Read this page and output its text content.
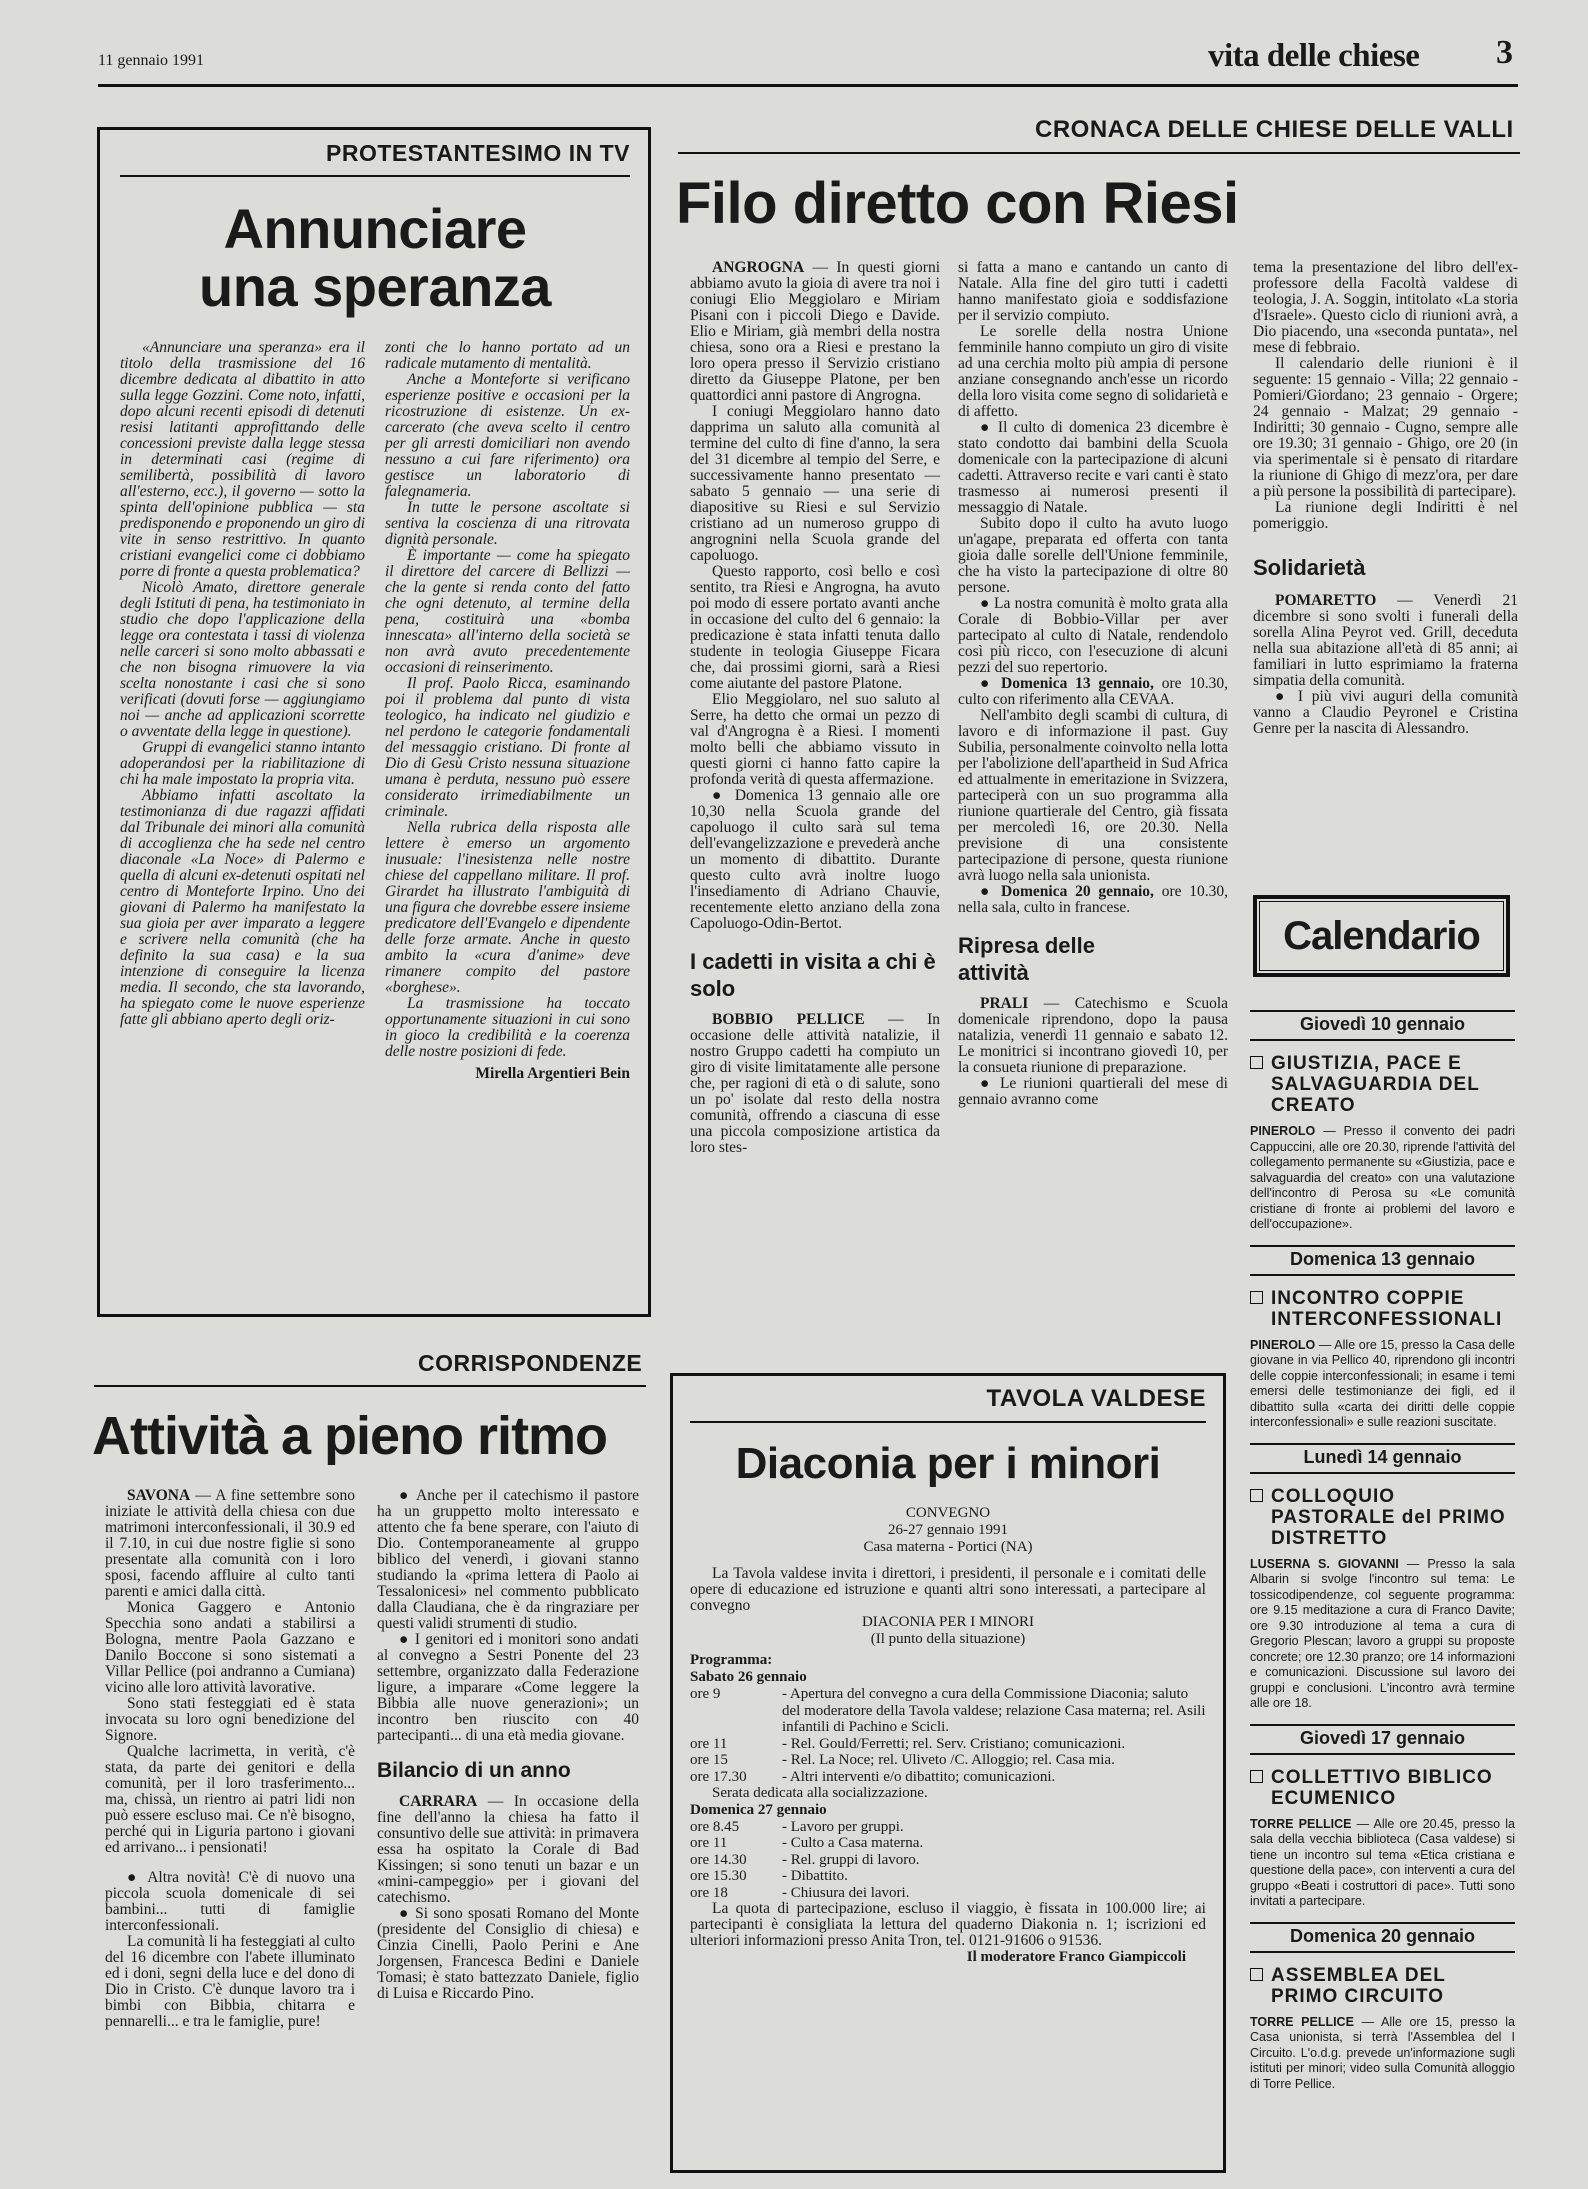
11 gennaio 1991	vita delle chiese 3
PROTESTANTESIMO IN TV
Annunciare
una speranza

«Annunciare una speranza» era il titolo della trasmissione del 16 dicembre dedicata al dibattito in atto sulla legge Gozzini. Come noto, infatti, dopo alcuni recenti episodi di detenuti resisi latitanti approfittando delle concessioni previste dalla legge stessa in determinati casi (regime di semilibertà, possibilità di lavoro all'esterno, ecc.), il governo — sotto la spinta dell'opinione pubblica — sta predisponendo e proponendo un giro di vite in senso restrittivo. In quanto cristiani evangelici come ci dobbiamo porre di fronte a questa problematica?

Nicolò Amato, direttore generale degli Istituti di pena, ha testimoniato in studio che dopo l'applicazione della legge ora contestata i tassi di violenza nelle carceri si sono molto abbassati e che non bisogna rimuovere la via scelta nonostante i casi che si sono verificati (dovuti forse — aggiungiamo noi — anche ad applicazioni scorrette o avventate della legge in questione).

Gruppi di evangelici stanno intanto adoperandosi per la riabilitazione di chi ha male impostato la propria vita.

Abbiamo infatti ascoltato la testimonianza di due ragazzi affidati dal Tribunale dei minori alla comunità di accoglienza che ha sede nel centro diaconale «La Noce» di Palermo e quella di alcuni ex-detenuti ospitati nel centro di Monteforte Irpino. Uno dei giovani di Palermo ha manifestato la sua gioia per aver imparato a leggere e scrivere nella comunità (che ha definito la sua casa) e la sua intenzione di conseguire la licenza media. Il secondo, che sta lavorando, ha spiegato come le nuove esperienze fatte gli abbiano aperto degli oriz-

zonti che lo hanno portato ad un radicale mutamento di mentalità.

Anche a Monteforte si verificano esperienze positive e occasioni per la ricostruzione di esistenze. Un ex-carcerato (che aveva scelto il centro per gli arresti domiciliari non avendo nessuno a cui fare riferimento) ora gestisce un laboratorio di falegnameria.

In tutte le persone ascoltate si sentiva la coscienza di una ritrovata dignità personale.

È importante — come ha spiegato il direttore del carcere di Bellizzi — che la gente si renda conto del fatto che ogni detenuto, al termine della pena, costituirà una «bomba innescata» all'interno della società se non avrà avuto precedentemente occasioni di reinserimento.

Il prof. Paolo Ricca, esaminando poi il problema dal punto di vista teologico, ha indicato nel giudizio e nel perdono le categorie fondamentali del messaggio cristiano. Di fronte al Dio di Gesù Cristo nessuna situazione umana è perduta, nessuno può essere considerato irrimediabilmente un criminale.

Nella rubrica della risposta alle lettere è emerso un argomento inusuale: l'inesistenza nelle nostre chiese del cappellano militare. Il prof. Girardet ha illustrato l'ambiguità di una figura che dovrebbe essere insieme predicatore dell'Evangelo e dipendente delle forze armate. Anche in questo ambito la «cura d'anime» deve rimanere compito del pastore «borghese».

La trasmissione ha toccato opportunamente situazioni in cui sono in gioco la credibilità e la coerenza delle nostre posizioni di fede.

Mirella Argentieri Bein

CRONACA DELLE CHIESE DELLE VALLI
Filo diretto con Riesi

ANGROGNA — In questi giorni abbiamo avuto la gioia di avere tra noi i coniugi Elio Meggiolaro e Miriam Pisani con i piccoli Diego e Davide. Elio e Miriam, già membri della nostra chiesa, sono ora a Riesi e prestano la loro opera presso il Servizio cristiano diretto da Giuseppe Platone, per ben quattordici anni pastore di Angrogna.

I coniugi Meggiolaro hanno dato dapprima un saluto alla comunità al termine del culto di fine d'anno, la sera del 31 dicembre al tempio del Serre, e successivamente hanno presentato — sabato 5 gennaio — una serie di diapositive su Riesi e sul Servizio cristiano ad un numeroso gruppo di angrognini nella Scuola grande del capoluogo.

Questo rapporto, così bello e così sentito, tra Riesi e Angrogna, ha avuto poi modo di essere portato avanti anche in occasione del culto del 6 gennaio: la predicazione è stata infatti tenuta dallo studente in teologia Giuseppe Ficara che, dai prossimi giorni, sarà a Riesi come aiutante del pastore Platone.

Elio Meggiolaro, nel suo saluto al Serre, ha detto che ormai un pezzo di val d'Angrogna è a Riesi. I momenti molto belli che abbiamo vissuto in questi giorni ci hanno fatto capire la profonda verità di questa affermazione.

● Domenica 13 gennaio alle ore 10,30 nella Scuola grande del capoluogo il culto sarà sul tema dell'evangelizzazione e prevederà anche un momento di dibattito. Durante questo culto avrà inoltre luogo l'insediamento di Adriano Chauvie, recentemente eletto anziano della zona Capoluogo-Odin-Bertot.

I cadetti in visita a chi è solo

BOBBIO PELLICE — In occasione delle attività natalizie, il nostro Gruppo cadetti ha compiuto un giro di visite limitatamente alle persone che, per ragioni di età o di salute, sono un po' isolate dal resto della nostra comunità, offrendo a ciascuna di esse una piccola composizione artistica da loro stes-

si fatta a mano e cantando un canto di Natale. Alla fine del giro tutti i cadetti hanno manifestato gioia e soddisfazione per il servizio compiuto.

Le sorelle della nostra Unione femminile hanno compiuto un giro di visite ad una cerchia molto più ampia di persone anziane consegnando anch'esse un ricordo della loro visita come segno di solidarietà e di affetto.

● Il culto di domenica 23 dicembre è stato condotto dai bambini della Scuola domenicale con la partecipazione di alcuni cadetti. Attraverso recite e vari canti è stato trasmesso ai numerosi presenti il messaggio di Natale.

Subito dopo il culto ha avuto luogo un'agape, preparata ed offerta con tanta gioia dalle sorelle dell'Unione femminile, che ha visto la partecipazione di oltre 80 persone.

● La nostra comunità è molto grata alla Corale di Bobbio-Villar per aver partecipato al culto di Natale, rendendolo così più ricco, con l'esecuzione di alcuni pezzi del suo repertorio.

● Domenica 13 gennaio, ore 10.30, culto con riferimento alla CEVAA.

Nell'ambito degli scambi di cultura, di lavoro e di informazione il past. Guy Subilia, personalmente coinvolto nella lotta per l'abolizione dell'apartheid in Sud Africa ed attualmente in emeritazione in Svizzera, parteciperà con un suo programma alla riunione quartierale del Centro, già fissata per mercoledì 16, ore 20.30. Nella previsione di una consistente partecipazione di persone, questa riunione avrà luogo nella sala unionista.

● Domenica 20 gennaio, ore 10.30, nella sala, culto in francese.

Ripresa delle attività

PRALI — Catechismo e Scuola domenicale riprendono, dopo la pausa natalizia, venerdì 11 gennaio e sabato 12. Le monitrici si incontrano giovedì 10, per la consueta riunione di preparazione.

● Le riunioni quartierali del mese di gennaio avranno come

tema la presentazione del libro dell'ex-professore della Facoltà valdese di teologia, J. A. Soggin, intitolato «La storia d'Israele». Questo ciclo di riunioni avrà, a Dio piacendo, una «seconda puntata», nel mese di febbraio.

Il calendario delle riunioni è il seguente: 15 gennaio - Villa; 22 gennaio - Pomieri/Giordano; 23 gennaio - Orgere; 24 gennaio - Malzat; 29 gennaio - Indiritti; 30 gennaio - Cugno, sempre alle ore 19.30; 31 gennaio - Ghigo, ore 20 (in via sperimentale si è pensato di ritardare la riunione di Ghigo di mezz'ora, per dare a più persone la possibilità di partecipare).

La riunione degli Indiritti è nel pomeriggio.

Solidarietà

POMARETTO — Venerdì 21 dicembre si sono svolti i funerali della sorella Alina Peyrot ved. Grill, deceduta nella sua abitazione all'età di 85 anni; ai familiari in lutto esprimiamo la fraterna simpatia della comunità.

● I più vivi auguri della comunità vanno a Claudio Peyronel e Cristina Genre per la nascita di Alessandro.

Calendario
Giovedì 10 gennaio
GIUSTIZIA, PACE E SALVAGUARDIA DEL CREATO
PINEROLO — Presso il convento dei padri Cappuccini, alle ore 20.30, riprende l'attività del collegamento permanente su «Giustizia, pace e salvaguardia del creato» con una valutazione dell'incontro di Perosa su «Le comunità cristiane di fronte ai problemi del lavoro e dell'occupazione».
Domenica 13 gennaio
INCONTRO COPPIE INTERCONFESSIONALI
PINEROLO — Alle ore 15, presso la Casa delle giovane in via Pellico 40, riprendono gli incontri delle coppie interconfessionali; in esame i temi emersi delle testimonianze dei figli, ed il dibattito sulla «carta dei diritti delle coppie interconfessionali» e sulle reazioni suscitate.
Lunedì 14 gennaio
COLLOQUIO PASTORALE del PRIMO DISTRETTO
LUSERNA S. GIOVANNI — Presso la sala Albarin si svolge l'incontro sul tema: Le tossicodipendenze, col seguente programma: ore 9.15 meditazione a cura di Franco Davite; ore 9.30 introduzione al tema a cura di Gregorio Plescan; lavoro a gruppi su proposte concrete; ore 12.30 pranzo; ore 14 informazioni e comunicazioni. Discussione sul lavoro dei gruppi e conclusioni. L'incontro avrà termine alle ore 18.
Giovedì 17 gennaio
COLLETTIVO BIBLICO ECUMENICO
TORRE PELLICE — Alle ore 20.45, presso la sala della vecchia biblioteca (Casa valdese) si tiene un incontro sul tema «Etica cristiana e questione della pace», con interventi a cura del gruppo «Beati i costruttori di pace». Tutti sono invitati a partecipare.
Domenica 20 gennaio
ASSEMBLEA DEL PRIMO CIRCUITO
TORRE PELLICE — Alle ore 15, presso la Casa unionista, si terrà l'Assemblea del I Circuito. L'o.d.g. prevede un'informazione sugli istituti per minori; video sulla Comunità alloggio di Torre Pellice.
CORRISPONDENZE
Attività a pieno ritmo

SAVONA — A fine settembre sono iniziate le attività della chiesa con due matrimoni interconfessionali, il 30.9 ed il 7.10, in cui due nostre figlie si sono presentate alla comunità con i loro sposi, facendo affluire al culto tanti parenti e amici dalla città.

Monica Gaggero e Antonio Specchia sono andati a stabilirsi a Bologna, mentre Paola Gazzano e Danilo Boccone si sono sistemati a Villar Pellice (poi andranno a Cumiana) vicino alle loro attività lavorative.

Sono stati festeggiati ed è stata invocata su loro ogni benedizione del Signore.

Qualche lacrimetta, in verità, c'è stata, da parte dei genitori e della comunità, per il loro trasferimento... ma, chissà, un rientro ai patri lidi non può essere escluso mai. Ce n'è bisogno, perché qui in Liguria partono i giovani ed arrivano... i pensionati!

● Altra novità! C'è di nuovo una piccola scuola domenicale di sei bambini... tutti di famiglie interconfessionali.

La comunità li ha festeggiati al culto del 16 dicembre con l'abete illuminato ed i doni, segni della luce e del dono di Dio in Cristo. C'è dunque lavoro tra i bimbi con Bibbia, chitarra e pennarelli... e tra le famiglie, pure!

● Anche per il catechismo il pastore ha un gruppetto molto interessato e attento che fa bene sperare, con l'aiuto di Dio. Contemporaneamente al gruppo biblico del venerdì, i giovani stanno studiando la «prima lettera di Paolo ai Tessalonicesi» nel commento pubblicato dalla Claudiana, che è da ringraziare per questi validi strumenti di studio.

● I genitori ed i monitori sono andati al convegno a Sestri Ponente del 23 settembre, organizzato dalla Federazione ligure, a imparare «Come leggere la Bibbia alle nuove generazioni»; un incontro ben riuscito con 40 partecipanti... di una età media giovane.

Bilancio di un anno

CARRARA — In occasione della fine dell'anno la chiesa ha fatto il consuntivo delle sue attività: in primavera essa ha ospitato la Corale di Bad Kissingen; si sono tenuti un bazar e un «mini-campeggio» per i giovani del catechismo.

● Si sono sposati Romano del Monte (presidente del Consiglio di chiesa) e Cinzia Cinelli, Paolo Perini e Ane Jorgensen, Francesca Bedini e Daniele Tomasi; è stato battezzato Daniele, figlio di Luisa e Riccardo Pino.

TAVOLA VALDESE
Diaconia per i minori
CONVEGNO
26-27 gennaio 1991
Casa materna - Portici (NA)
La Tavola valdese invita i direttori, i presidenti, il personale e i comitati delle opere di educazione ed istruzione e quanti altri sono interessati, a partecipare al convegno
DIACONIA PER I MINORI
(Il punto della situazione)
Programma:
Sabato 26 gennaio
ore 9	- Apertura del convegno a cura della Commissione Diaconia; saluto del moderatore della Tavola valdese; relazione Casa materna; rel. Asili infantili di Pachino e Scicli.
ore 11	- Rel. Gould/Ferretti; rel. Serv. Cristiano; comunicazioni.
ore 15	- Rel. La Noce; rel. Uliveto /C. Alloggio; rel. Casa mia.
ore 17.30	- Altri interventi e/o dibattito; comunicazioni.
Serata dedicata alla socializzazione.
Domenica 27 gennaio
ore 8.45	- Lavoro per gruppi.
ore 11	- Culto a Casa materna.
ore 14.30	- Rel. gruppi di lavoro.
ore 15.30	- Dibattito.
ore 18	- Chiusura dei lavori.
La quota di partecipazione, escluso il viaggio, è fissata in 100.000 lire; ai partecipanti è consigliata la lettura del quaderno Diakonia n. 1; iscrizioni ed ulteriori informazioni presso Anita Tron, tel. 0121-91606 o 91536.
Il moderatore Franco Giampiccoli
